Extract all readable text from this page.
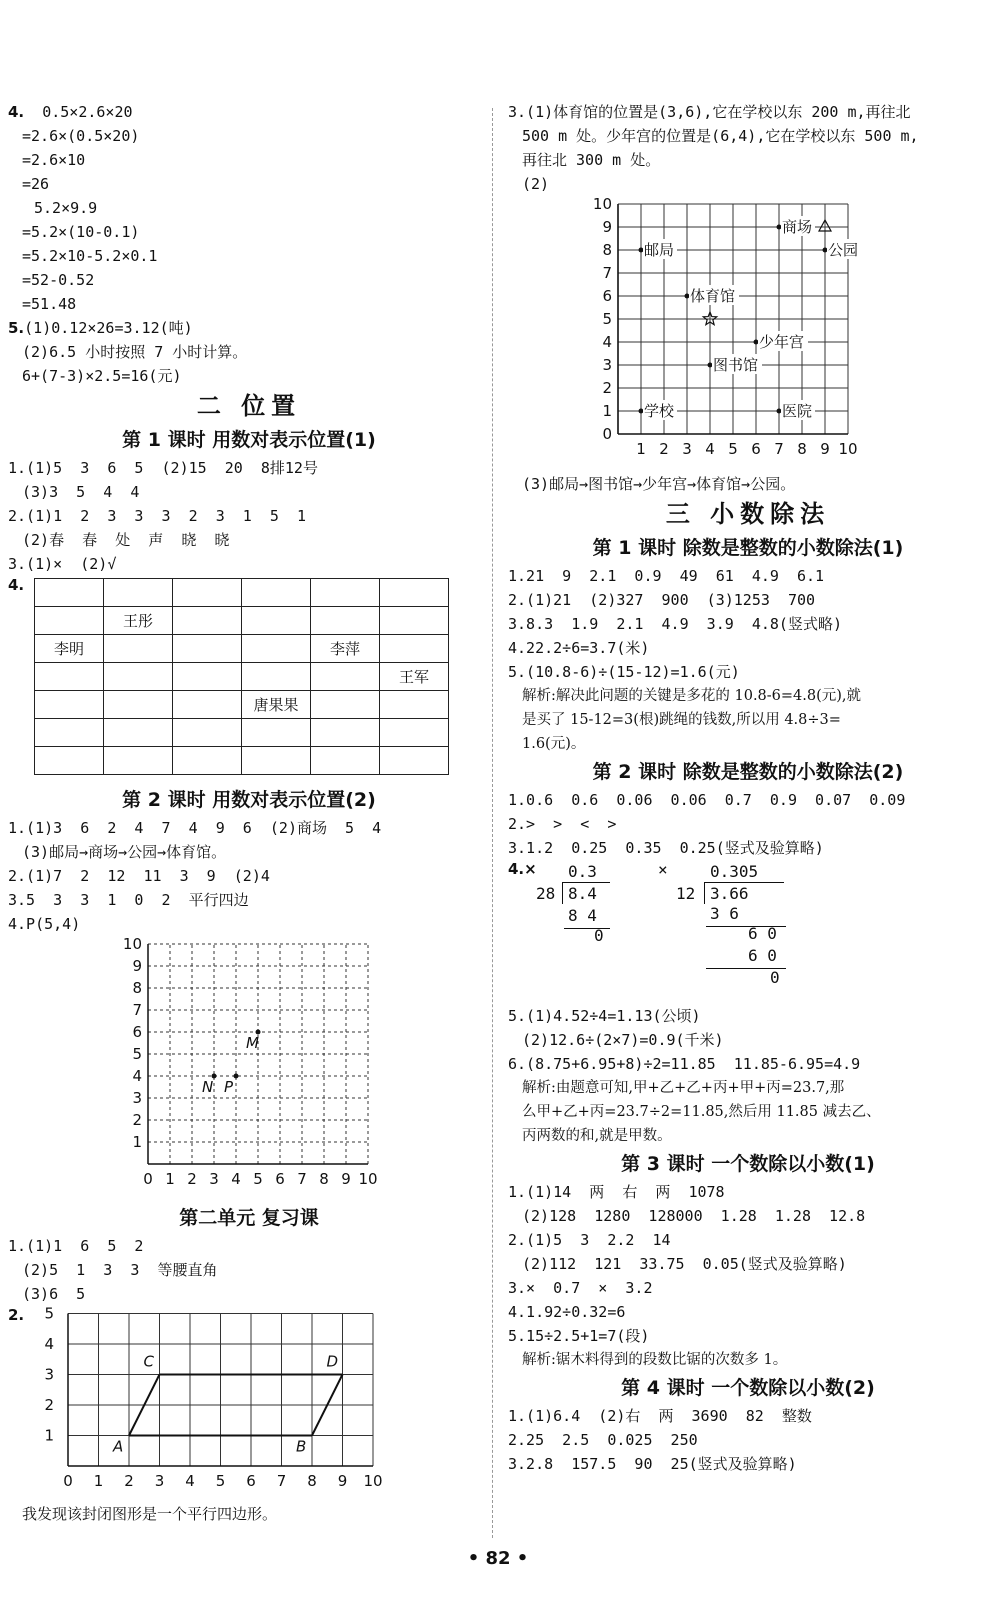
4. 0.5×2.6×20
=2.6×(0.5×20)
=2.6×10
=26
5.2×9.9
=5.2×(10-0.1)
=5.2×10-5.2×0.1
=52-0.52
=51.48
5.(1)0.12×26=3.12(吨)
(2)6.5 小时按照 7 小时计算。
6+(7-3)×2.5=16(元)
二 位置
第 1 课时 用数对表示位置(1)
1.(1)5  3  6  5  (2)15  20  8排12号
(3)3  5  4  4
2.(1)1  2  3  3  3  2  3  1  5  1
(2)春  春  处  声  晓  晓
3.(1)×  (2)√
4.

	王彤				
李明				李萍	
					王军
			唐果果		

第 2 课时 用数对表示位置(2)
1.(1)3  6  2  4  7  4  9  6  (2)商场  5  4
(3)邮局→商场→公园→体育馆。
2.(1)7  2  12  11  3  9  (2)4
3.5  3  3  1  0  2  平行四边
4.P(5,4)
0 1
1
2
2
3
3
4
4
5
5
6
6
7
7
8
8
9
9
10
10
M
N P
第二单元 复习课
1.(1)1  6  5  2
(2)5  1  3  3  等腰直角
(3)6  5
2.
0 1 2 3 4 5 6 7 8 9 10
1
2
3
4
5
A
C
B
D
我发现该封闭图形是一个平行四边形。
3.(1)体育馆的位置是(3,6),它在学校以东 200 m,再往北
500 m 处。少年宫的位置是(6,4),它在学校以东 500 m,
再往北 300 m 处。
(2)
0
1
1
2
2
3
3
4
4
5
5
6
6
7
7
8
8
9
9
10
10
邮局
体育馆
商场
公园
少年宫
图书馆
医院
学校
(3)邮局→图书馆→少年宫→体育馆→公园。
三 小数除法
第 1 课时 除数是整数的小数除法(1)
1.21  9  2.1  0.9  49  61  4.9  6.1
2.(1)21  (2)327  900  (3)1253  700
3.8.3  1.9  2.1  4.9  3.9  4.8(竖式略)
4.22.2÷6=3.7(米)
5.(10.8-6)÷(15-12)=1.6(元)
解析:解决此问题的关键是多花的 10.8-6=4.8(元),就
是买了 15-12=3(根)跳绳的钱数,所以用 4.8÷3=
1.6(元)。
第 2 课时 除数是整数的小数除法(2)
1.0.6  0.6  0.06  0.06  0.7  0.9  0.07  0.09
2.>  >  <  >
3.1.2  0.25  0.35  0.25(竖式及验算略)
4.×	×
0.3
28 8.4
8 4
0
0.305
12 3.66
3 6
6 0
6 0
0
5.(1)4.52÷4=1.13(公顷)
(2)12.6÷(2×7)=0.9(千米)
6.(8.75+6.95+8)÷2=11.85  11.85-6.95=4.9
解析:由题意可知,甲+乙+乙+丙+甲+丙=23.7,那
么甲+乙+丙=23.7÷2=11.85,然后用 11.85 减去乙、
丙两数的和,就是甲数。
第 3 课时 一个数除以小数(1)
1.(1)14  两  右  两  1078
(2)128  1280  128000  1.28  1.28  12.8
2.(1)5  3  2.2  14
(2)112  121  33.75  0.05(竖式及验算略)
3.×  0.7  ×  3.2
4.1.92÷0.32=6
5.15÷2.5+1=7(段)
解析:锯木料得到的段数比锯的次数多 1。
第 4 课时 一个数除以小数(2)
1.(1)6.4  (2)右  两  3690  82  整数
2.25  2.5  0.025  250
3.2.8  157.5  90  25(竖式及验算略)
• 82 •
